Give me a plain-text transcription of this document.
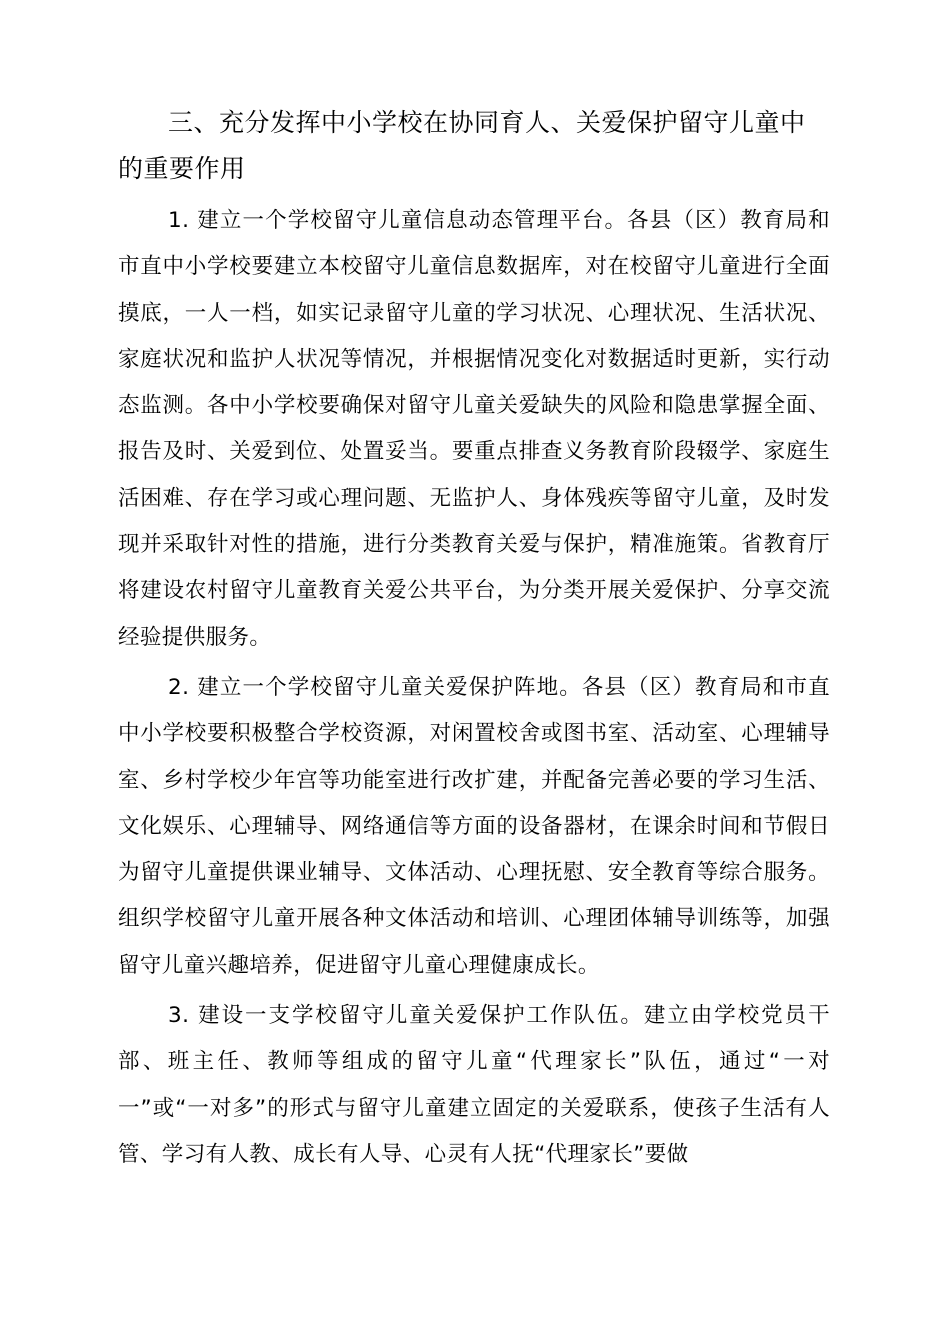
三、充分发挥中小学校在协同育人、关爱保护留守儿童中的重要作用

1. 建立一个学校留守儿童信息动态管理平台。各县（区）教育局和市直中小学校要建立本校留守儿童信息数据库，对在校留守儿童进行全面摸底，一人一档，如实记录留守儿童的学习状况、心理状况、生活状况、家庭状况和监护人状况等情况，并根据情况变化对数据适时更新，实行动态监测。各中小学校要确保对留守儿童关爱缺失的风险和隐患掌握全面、报告及时、关爱到位、处置妥当。要重点排查义务教育阶段辍学、家庭生活困难、存在学习或心理问题、无监护人、身体残疾等留守儿童，及时发现并采取针对性的措施，进行分类教育关爱与保护，精准施策。省教育厅将建设农村留守儿童教育关爱公共平台，为分类开展关爱保护、分享交流经验提供服务。

2. 建立一个学校留守儿童关爱保护阵地。各县（区）教育局和市直中小学校要积极整合学校资源，对闲置校舍或图书室、活动室、心理辅导室、乡村学校少年宫等功能室进行改扩建，并配备完善必要的学习生活、文化娱乐、心理辅导、网络通信等方面的设备器材，在课余时间和节假日为留守儿童提供课业辅导、文体活动、心理抚慰、安全教育等综合服务。组织学校留守儿童开展各种文体活动和培训、心理团体辅导训练等，加强留守儿童兴趣培养，促进留守儿童心理健康成长。

3. 建设一支学校留守儿童关爱保护工作队伍。建立由学校党员干部、班主任、教师等组成的留守儿童“代理家长”队伍，通过“一对一”或“一对多”的形式与留守儿童建立固定的关爱联系，使孩子生活有人管、学习有人教、成长有人导、心灵有人抚“代理家长”要做
